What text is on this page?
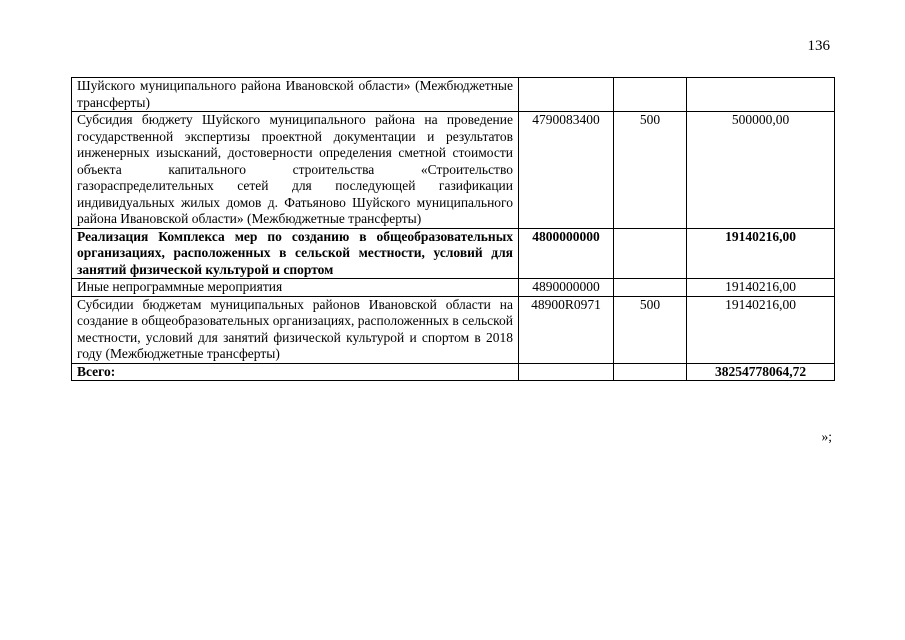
136
Шуйского муниципального района Ивановской области» (Межбюджетные трансферты)			
Субсидия бюджету Шуйского муниципального района на проведение государственной экспертизы проектной документации и результатов инженерных изысканий, достоверности определения сметной стоимости объекта капитального строительства «Строительство газораспределительных сетей для последующей газификации индивидуальных жилых домов д. Фатьяново Шуйского муниципального района Ивановской области» (Межбюджетные трансферты)	4790083400	500	500000,00
Реализация Комплекса мер по созданию в общеобразовательных организациях, расположенных в сельской местности, условий для занятий физической культурой и спортом	4800000000		19140216,00
Иные непрограммные мероприятия	4890000000		19140216,00
Субсидии бюджетам муниципальных районов Ивановской области на создание в общеобразовательных организациях, расположенных в сельской местности, условий для занятий физической культурой и спортом в 2018 году (Межбюджетные трансферты)	48900R0971	500	19140216,00
Всего:			38254778064,72
»;
